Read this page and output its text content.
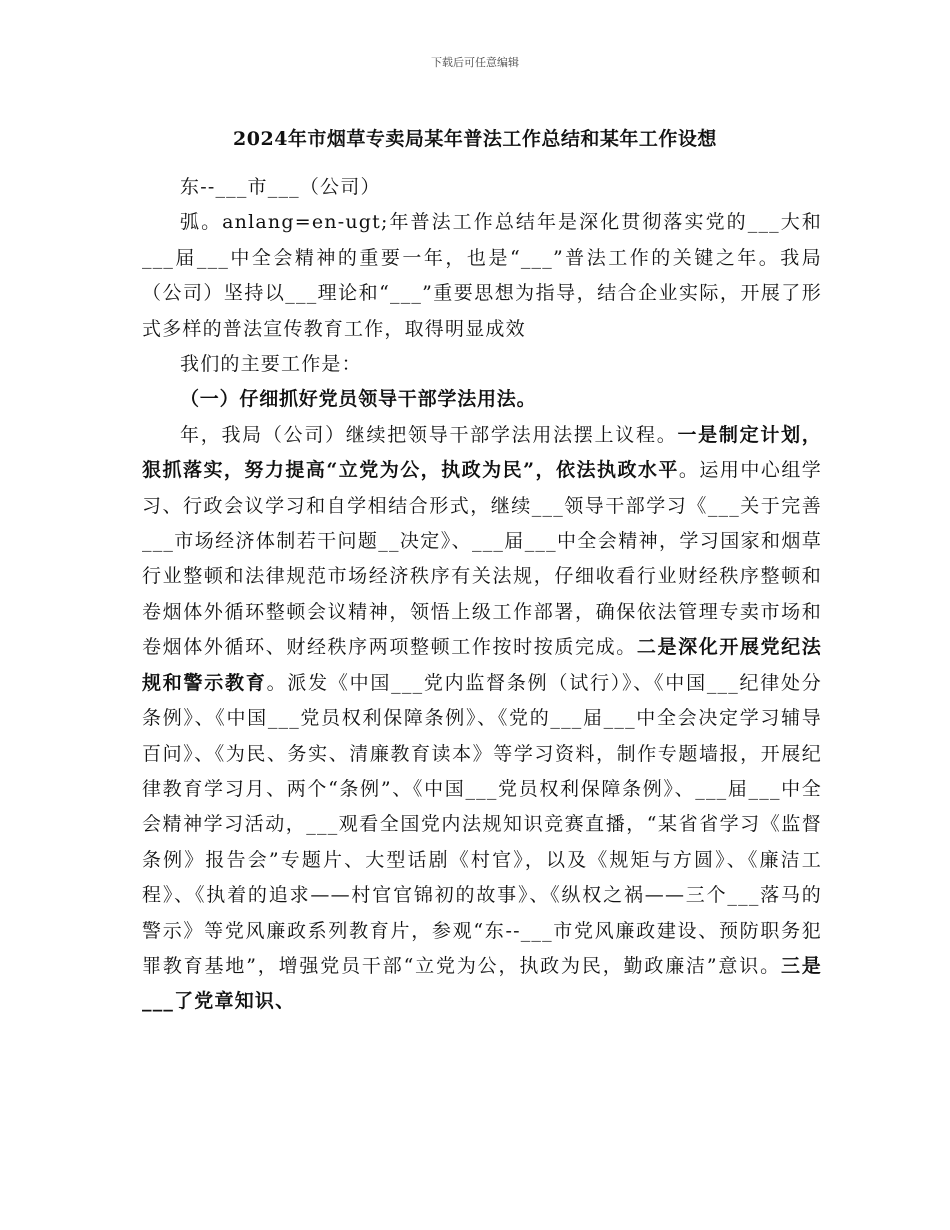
下载后可任意编辑
2024年市烟草专卖局某年普法工作总结和某年工作设想

东--___市___（公司）

弧。anlang=en-ugt;年普法工作总结年是深化贯彻落实党的___大和___届___中全会精神的重要一年，也是“___”普法工作的关键之年。我局（公司）坚持以___理论和“___”重要思想为指导，结合企业实际，开展了形式多样的普法宣传教育工作，取得明显成效

我们的主要工作是：

（一）仔细抓好党员领导干部学法用法。

年，我局（公司）继续把领导干部学法用法摆上议程。一是制定计划，狠抓落实，努力提高“立党为公，执政为民”，依法执政水平。运用中心组学习、行政会议学习和自学相结合形式，继续___领导干部学习《___关于完善___市场经济体制若干问题__决定》、___届___中全会精神，学习国家和烟草行业整顿和法律规范市场经济秩序有关法规，仔细收看行业财经秩序整顿和卷烟体外循环整顿会议精神，领悟上级工作部署，确保依法管理专卖市场和卷烟体外循环、财经秩序两项整顿工作按时按质完成。二是深化开展党纪法规和警示教育。派发《中国___党内监督条例（试行）》、《中国___纪律处分条例》、《中国___党员权利保障条例》、《党的___届___中全会决定学习辅导百问》、《为民、务实、清廉教育读本》等学习资料，制作专题墙报，开展纪律教育学习月、两个“条例”、《中国___党员权利保障条例》、___届___中全会精神学习活动，___观看全国党内法规知识竞赛直播，“某省省学习《监督条例》报告会”专题片、大型话剧《村官》，以及《规矩与方圆》、《廉洁工程》、《执着的追求——村官官锦初的故事》、《纵权之祸——三个___落马的警示》等党风廉政系列教育片，参观“东--___市党风廉政建设、预防职务犯罪教育基地”，增强党员干部“立党为公，执政为民，勤政廉洁”意识。三是___了党章知识、
